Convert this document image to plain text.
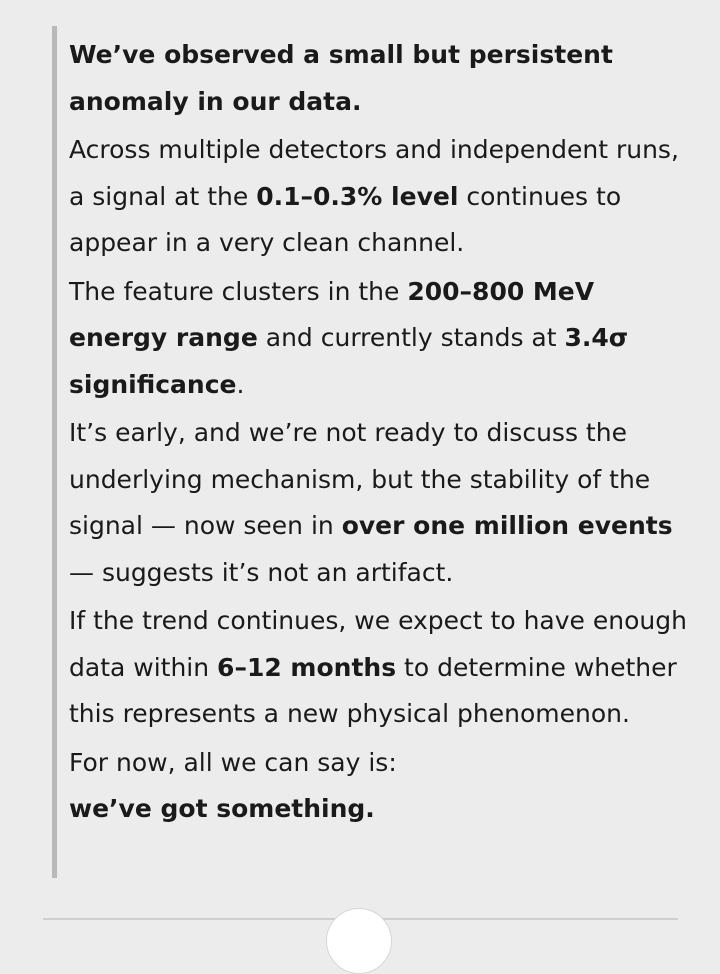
We’ve observed a small but persistent anomaly in our data.

Across multiple detectors and independent runs, a signal at the 0.1–0.3% level continues to appear in a very clean channel.

The feature clusters in the 200–800 MeV energy range and currently stands at 3.4σ significance.

It’s early, and we’re not ready to discuss the underlying mechanism, but the stability of the signal — now seen in over one million events — suggests it’s not an artifact.

If the trend continues, we expect to have enough data within 6–12 months to determine whether this represents a new physical phenomenon.

For now, all we can say is:

we’ve got something.
